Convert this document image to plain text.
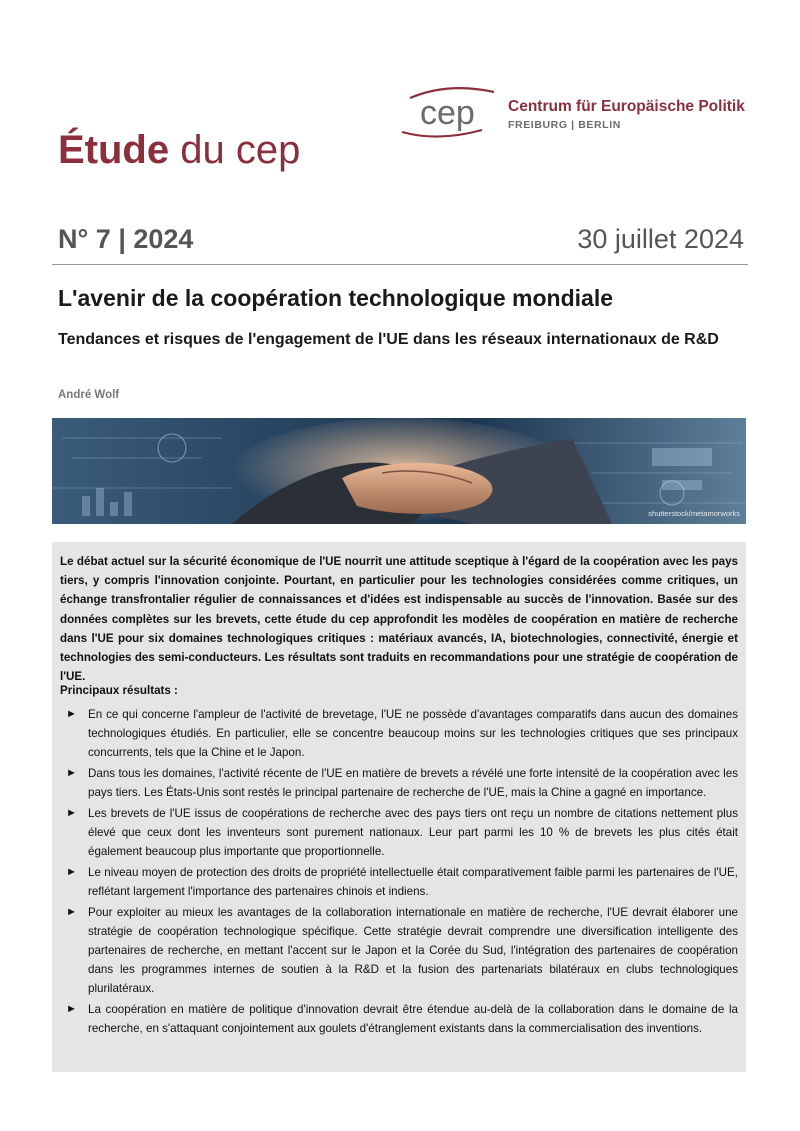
cep Centrum für Europäische Politik
FREIBURG | BERLIN
Étude du cep
N° 7 | 2024	30 juillet 2024
L'avenir de la coopération technologique mondiale
Tendances et risques de l'engagement de l'UE dans les réseaux internationaux de R&D
André Wolf
shutterstock/metamorworks

Le débat actuel sur la sécurité économique de l'UE nourrit une attitude sceptique à l'égard de la coopération avec les pays tiers, y compris l'innovation conjointe. Pourtant, en particulier pour les technologies considérées comme critiques, un échange transfrontalier régulier de connaissances et d'idées est indispensable au succès de l'innovation. Basée sur des données complètes sur les brevets, cette étude du cep approfondit les modèles de coopération en matière de recherche dans l'UE pour six domaines technologiques critiques : matériaux avancés, IA, biotechnologies, connectivité, énergie et technologies des semi-conducteurs. Les résultats sont traduits en recommandations pour une stratégie de coopération de l'UE.

Principaux résultats :
► En ce qui concerne l'ampleur de l'activité de brevetage, l'UE ne possède d'avantages comparatifs dans aucun des domaines technologiques étudiés. En particulier, elle se concentre beaucoup moins sur les technologies critiques que ses principaux concurrents, tels que la Chine et le Japon.
► Dans tous les domaines, l'activité récente de l'UE en matière de brevets a révélé une forte intensité de la coopération avec les pays tiers. Les États-Unis sont restés le principal partenaire de recherche de l'UE, mais la Chine a gagné en importance.
► Les brevets de l'UE issus de coopérations de recherche avec des pays tiers ont reçu un nombre de citations nettement plus élevé que ceux dont les inventeurs sont purement nationaux. Leur part parmi les 10 % de brevets les plus cités était également beaucoup plus importante que proportionnelle.
► Le niveau moyen de protection des droits de propriété intellectuelle était comparativement faible parmi les partenaires de l'UE, reflétant largement l'importance des partenaires chinois et indiens.
► Pour exploiter au mieux les avantages de la collaboration internationale en matière de recherche, l'UE devrait élaborer une stratégie de coopération technologique spécifique. Cette stratégie devrait comprendre une diversification intelligente des partenaires de recherche, en mettant l'accent sur le Japon et la Corée du Sud, l'intégration des partenaires de coopération dans les programmes internes de soutien à la R&D et la fusion des partenariats bilatéraux en clubs technologiques plurilatéraux.
► La coopération en matière de politique d'innovation devrait être étendue au-delà de la collaboration dans le domaine de la recherche, en s'attaquant conjointement aux goulets d'étranglement existants dans la commercialisation des inventions.
